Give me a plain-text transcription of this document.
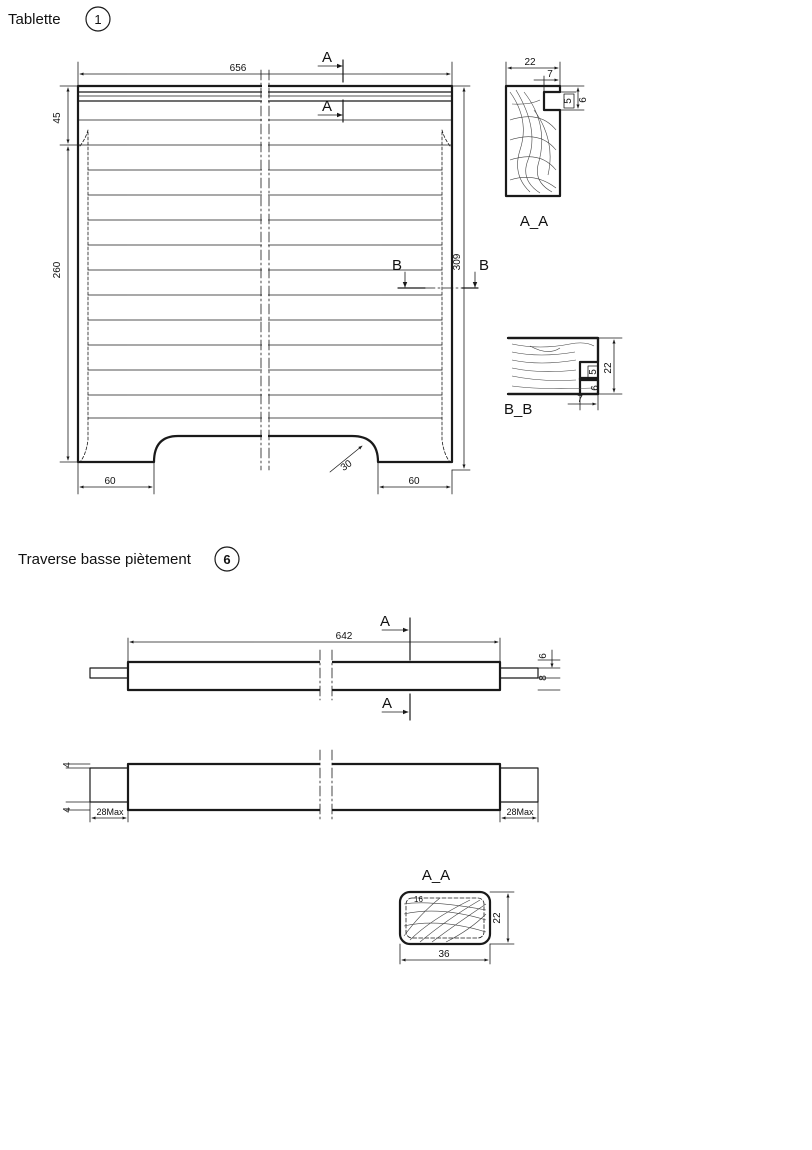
Tablette	1
656
45
260	309
60	60
30
A
A
B	B
22
7
6
5
A_A
22
5
6
7
B_B
Traverse basse piètement	6
642
6
8
A
A
4
4	28Max	28Max
16
22
36
A_A
